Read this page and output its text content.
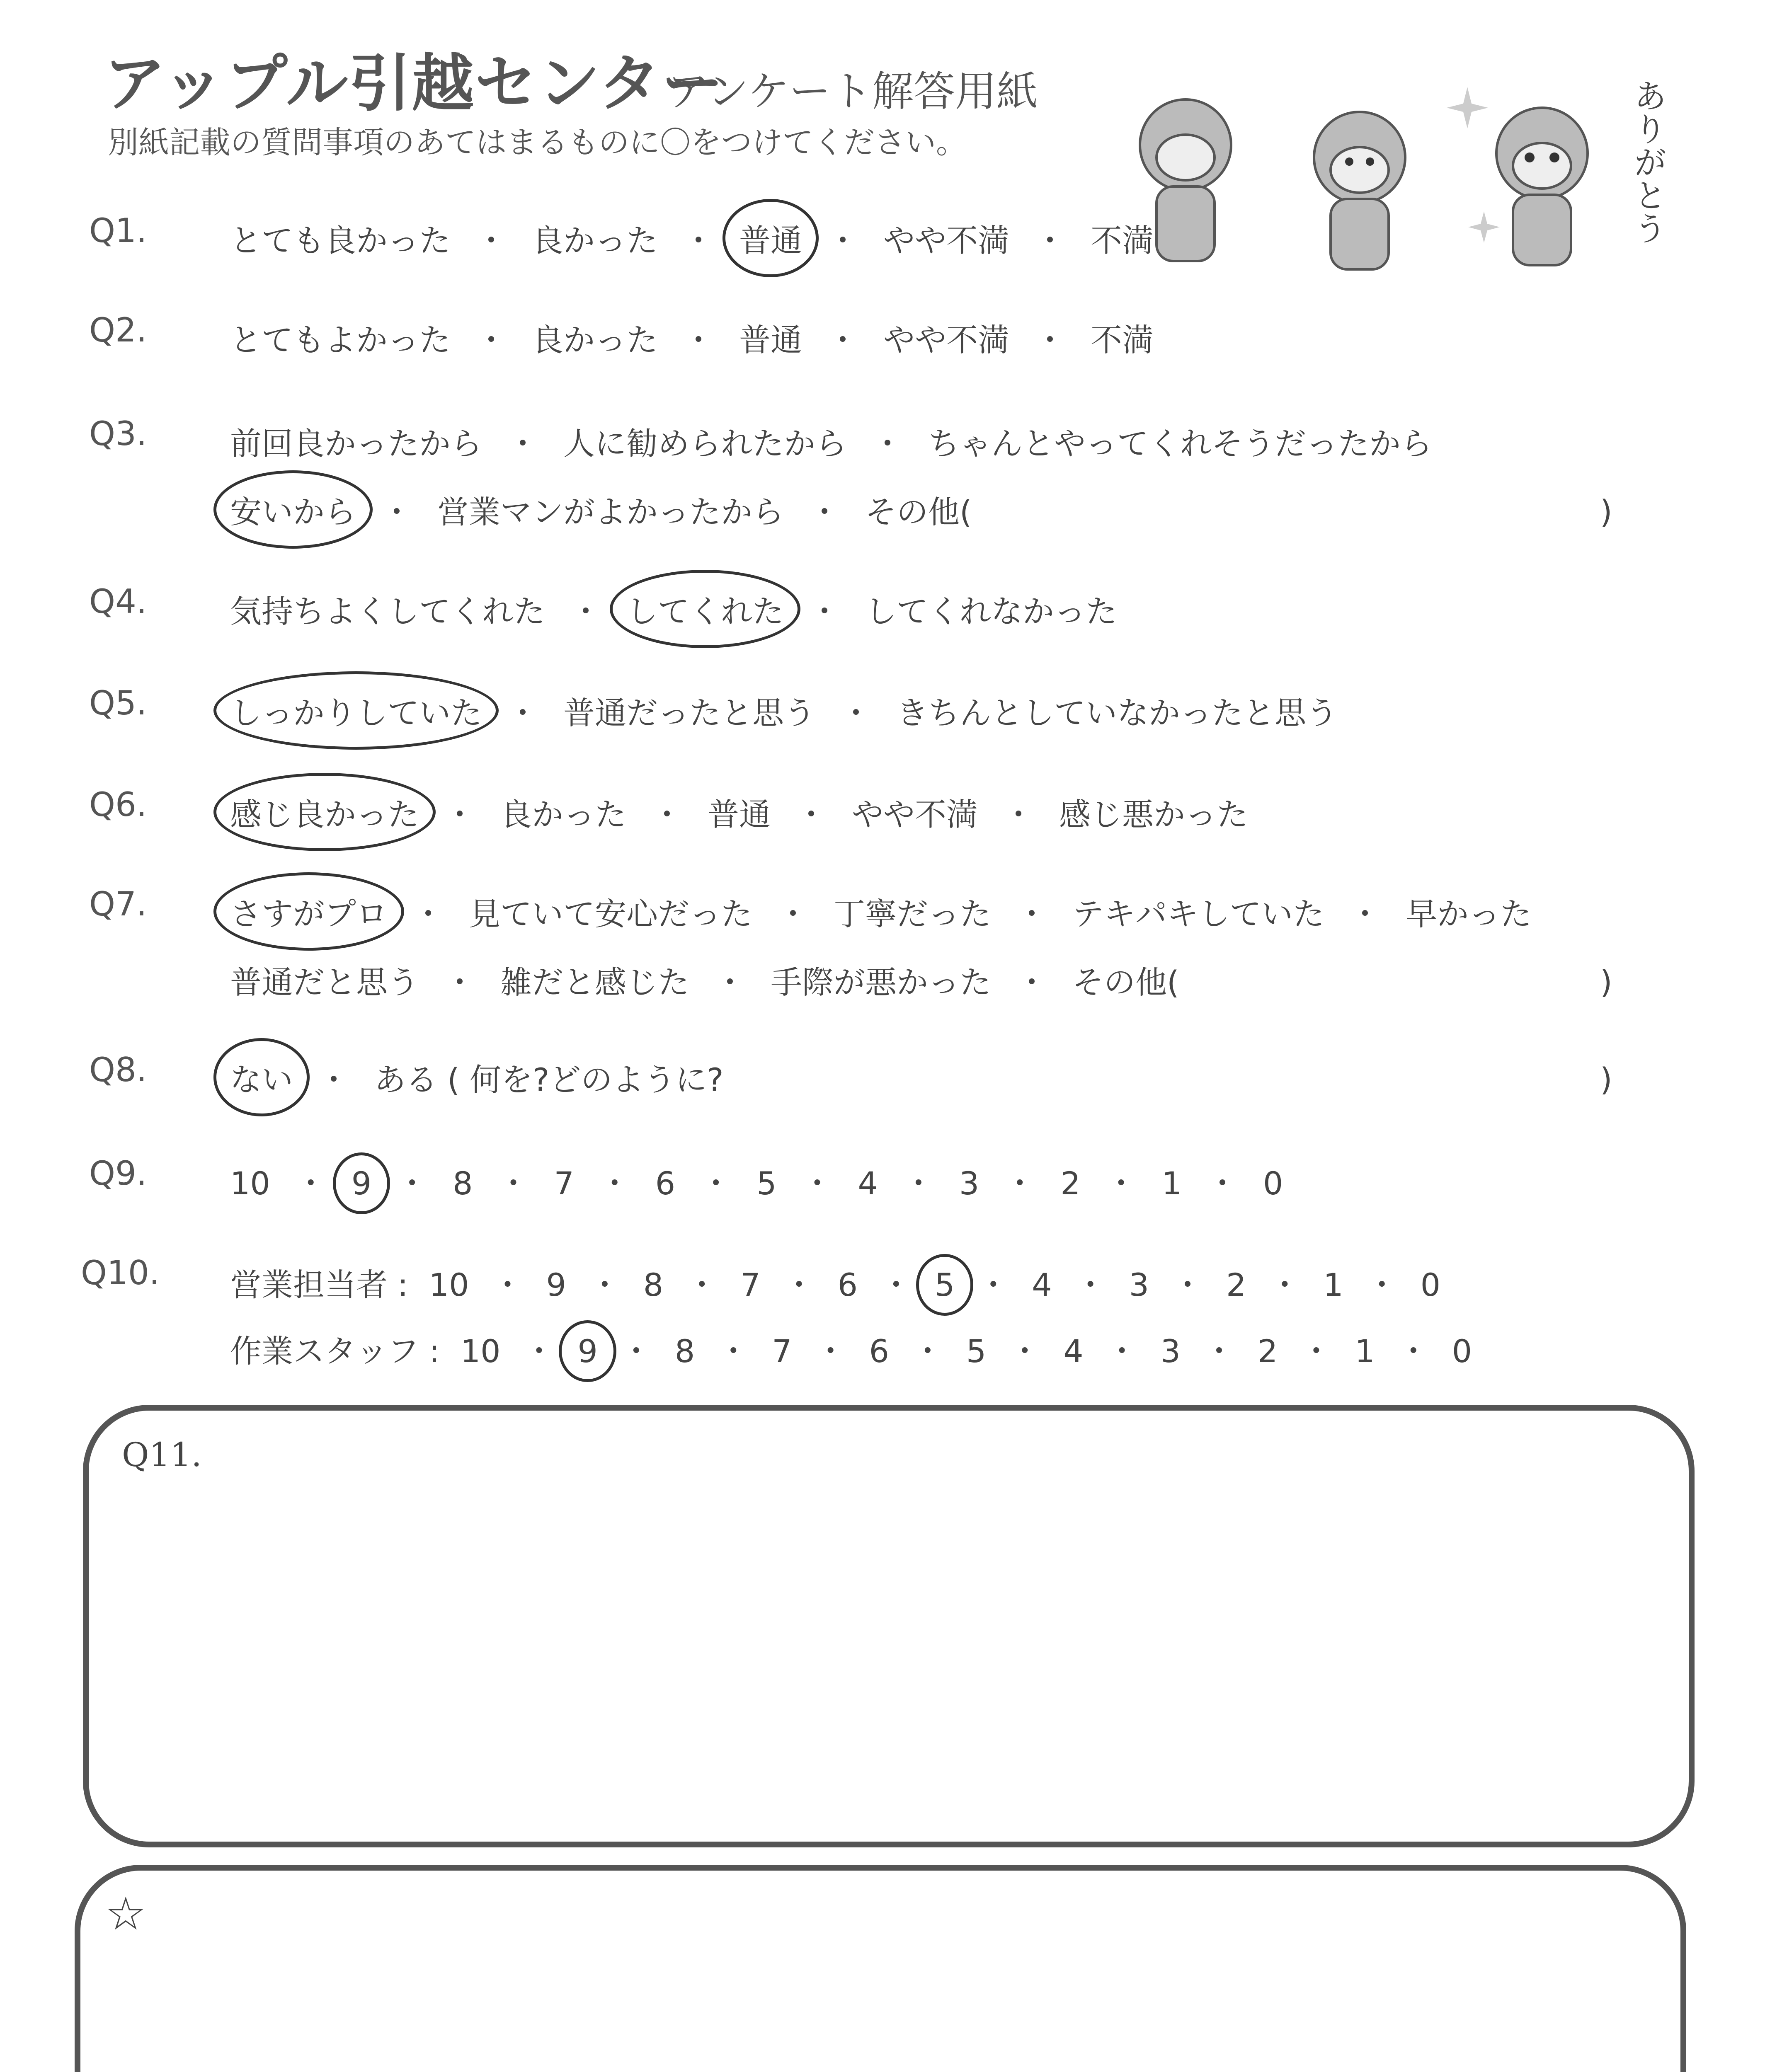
アップル引越センター
アンケート解答用紙
別紙記載の質問事項のあてはまるものに〇をつけてください。	ありがとう
Q1.	とても良かった ・ 良かった ・ 普通 ・ やや不満 ・ 不満
Q2.	とてもよかった ・ 良かった ・ 普通 ・ やや不満 ・ 不満
Q3.	前回良かったから ・ 人に勧められたから ・ ちゃんとやってくれそうだったから
安いから ・ 営業マンがよかったから ・ その他(	)
Q4.	気持ちよくしてくれた ・ してくれた ・ してくれなかった
Q5.	しっかりしていた ・ 普通だったと思う ・ きちんとしていなかったと思う
Q6.	感じ良かった ・ 良かった ・ 普通 ・ やや不満 ・ 感じ悪かった
Q7.	さすがプロ ・ 見ていて安心だった ・ 丁寧だった ・ テキパキしていた ・ 早かった
普通だと思う ・ 雑だと感じた ・ 手際が悪かった ・ その他(	)
Q8.	ない ・ ある ( 何を?どのように?	)
Q9.	10 ・ 9 ・ 8 ・ 7 ・ 6 ・ 5 ・ 4 ・ 3 ・ 2 ・ 1 ・ 0
Q10. 営業担当者 : 10 ・ 9 ・ 8 ・ 7 ・ 6 ・ 5 ・ 4 ・ 3 ・ 2 ・ 1 ・ 0
作業スタッフ : 10 ・ 9 ・ 8 ・ 7 ・ 6 ・ 5 ・ 4 ・ 3 ・ 2 ・ 1 ・ 0
Q11.
☆
